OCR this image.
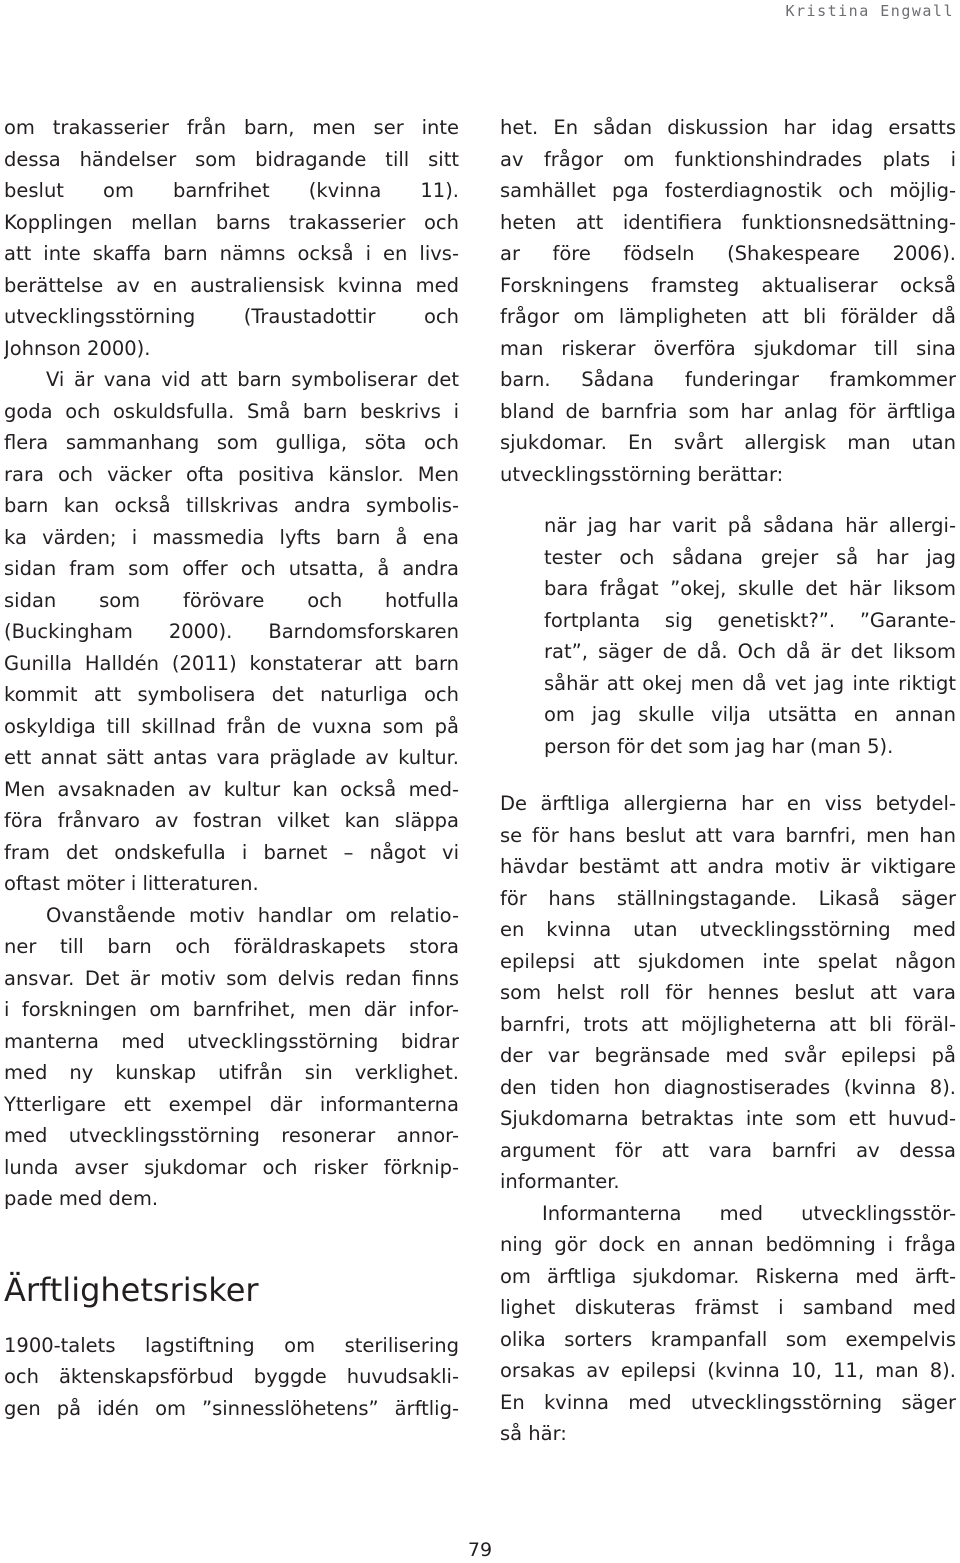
Kristina Engwall
om trakasserier från barn, men ser inte
dessa händelser som bidragande till sitt
beslut om barnfrihet (kvinna 11).
Kopplingen mellan barns trakasserier och
att inte skaffa barn nämns också i en livs-
berättelse av en australiensisk kvinna med
utvecklingsstörning (Traustadottir och
Johnson 2000).
Vi är vana vid att barn symboliserar det
goda och oskuldsfulla. Små barn beskrivs i
flera sammanhang som gulliga, söta och
rara och väcker ofta positiva känslor. Men
barn kan också tillskrivas andra symbolis-
ka värden; i massmedia lyfts barn å ena
sidan fram som offer och utsatta, å andra
sidan som förövare och hotfulla
(Buckingham 2000). Barndomsforskaren
Gunilla Halldén (2011) konstaterar att barn
kommit att symbolisera det naturliga och
oskyldiga till skillnad från de vuxna som på
ett annat sätt antas vara präglade av kultur.
Men avsaknaden av kultur kan också med-
föra frånvaro av fostran vilket kan släppa
fram det ondskefulla i barnet – något vi
oftast möter i litteraturen.
Ovanstående motiv handlar om relatio-
ner till barn och föräldraskapets stora
ansvar. Det är motiv som delvis redan finns
i forskningen om barnfrihet, men där infor-
manterna med utvecklingsstörning bidrar
med ny kunskap utifrån sin verklighet.
Ytterligare ett exempel där informanterna
med utvecklingsstörning resonerar annor-
lunda avser sjukdomar och risker förknip-
pade med dem.
Ärftlighetsrisker
1900-talets lagstiftning om sterilisering
och äktenskapsförbud byggde huvudsakli-
gen på idén om ”sinnesslöhetens” ärftlig-
het. En sådan diskussion har idag ersatts
av frågor om funktionshindrades plats i
samhället pga fosterdiagnostik och möjlig-
heten att identifiera funktionsnedsättning-
ar före födseln (Shakespeare 2006).
Forskningens framsteg aktualiserar också
frågor om lämpligheten att bli förälder då
man riskerar överföra sjukdomar till sina
barn. Sådana funderingar framkommer
bland de barnfria som har anlag för ärftliga
sjukdomar. En svårt allergisk man utan
utvecklingsstörning berättar:
när jag har varit på sådana här allergi-
tester och sådana grejer så har jag
bara frågat ”okej, skulle det här liksom
fortplanta sig genetiskt?”. ”Garante-
rat”, säger de då. Och då är det liksom
såhär att okej men då vet jag inte riktigt
om jag skulle vilja utsätta en annan
person för det som jag har (man 5).
De ärftliga allergierna har en viss betydel-
se för hans beslut att vara barnfri, men han
hävdar bestämt att andra motiv är viktigare
för hans ställningstagande. Likaså säger
en kvinna utan utvecklingsstörning med
epilepsi att sjukdomen inte spelat någon
som helst roll för hennes beslut att vara
barnfri, trots att möjligheterna att bli föräl-
der var begränsade med svår epilepsi på
den tiden hon diagnostiserades (kvinna 8).
Sjukdomarna betraktas inte som ett huvud-
argument för att vara barnfri av dessa
informanter.
Informanterna med utvecklingsstör-
ning gör dock en annan bedömning i fråga
om ärftliga sjukdomar. Riskerna med ärft-
lighet diskuteras främst i samband med
olika sorters krampanfall som exempelvis
orsakas av epilepsi (kvinna 10, 11, man 8).
En kvinna med utvecklingsstörning säger
så här:
79
